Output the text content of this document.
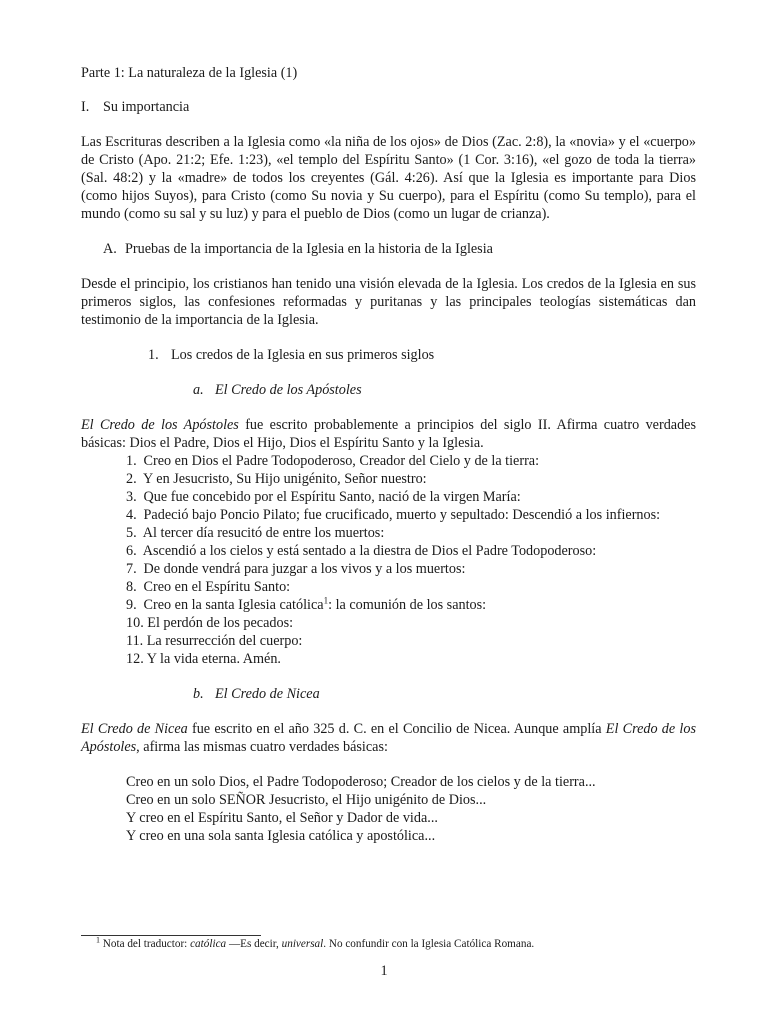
Parte 1: La naturaleza de la Iglesia (1)

I. Su importancia

Las Escrituras describen a la Iglesia como «la niña de los ojos» de Dios (Zac. 2:8), la «novia» y el «cuerpo» de Cristo (Apo. 21:2; Efe. 1:23), «el templo del Espíritu Santo» (1 Cor. 3:16), «el gozo de toda la tierra» (Sal. 48:2) y la «madre» de todos los creyentes (Gál. 4:26). Así que la Iglesia es importante para Dios (como hijos Suyos), para Cristo (como Su novia y Su cuerpo), para el Espíritu (como Su templo), para el mundo (como su sal y su luz) y para el pueblo de Dios (como un lugar de crianza).

A. Pruebas de la importancia de la Iglesia en la historia de la Iglesia

Desde el principio, los cristianos han tenido una visión elevada de la Iglesia. Los credos de la Iglesia en sus primeros siglos, las confesiones reformadas y puritanas y las principales teologías sistemáticas dan testimonio de la importancia de la Iglesia.

1. Los credos de la Iglesia en sus primeros siglos

a. El Credo de los Apóstoles

El Credo de los Apóstoles fue escrito probablemente a principios del siglo II. Afirma cuatro verdades básicas: Dios el Padre, Dios el Hijo, Dios el Espíritu Santo y la Iglesia.

1. Creo en Dios el Padre Todopoderoso, Creador del Cielo y de la tierra:
2. Y en Jesucristo, Su Hijo unigénito, Señor nuestro:
3. Que fue concebido por el Espíritu Santo, nació de la virgen María:
4. Padeció bajo Poncio Pilato; fue crucificado, muerto y sepultado: Descendió a los infiernos:
5. Al tercer día resucitó de entre los muertos:
6. Ascendió a los cielos y está sentado a la diestra de Dios el Padre Todopoderoso:
7. De donde vendrá para juzgar a los vivos y a los muertos:
8. Creo en el Espíritu Santo:
9. Creo en la santa Iglesia católica$^1$: la comunión de los santos:
10. El perdón de los pecados:
11. La resurrección del cuerpo:
12. Y la vida eterna. Amén.

b. El Credo de Nicea

El Credo de Nicea fue escrito en el año 325 d. C. en el Concilio de Nicea. Aunque amplía El Credo de los Apóstoles, afirma las mismas cuatro verdades básicas:

Creo en un solo Dios, el Padre Todopoderoso; Creador de los cielos y de la tierra...

Creo en un solo SEÑOR Jesucristo, el Hijo unigénito de Dios...

Y creo en el Espíritu Santo, el Señor y Dador de vida...

Y creo en una sola santa Iglesia católica y apostólica...

$^1$ Nota del traductor: católica —Es decir, universal. No confundir con la Iglesia Católica Romana.

1
